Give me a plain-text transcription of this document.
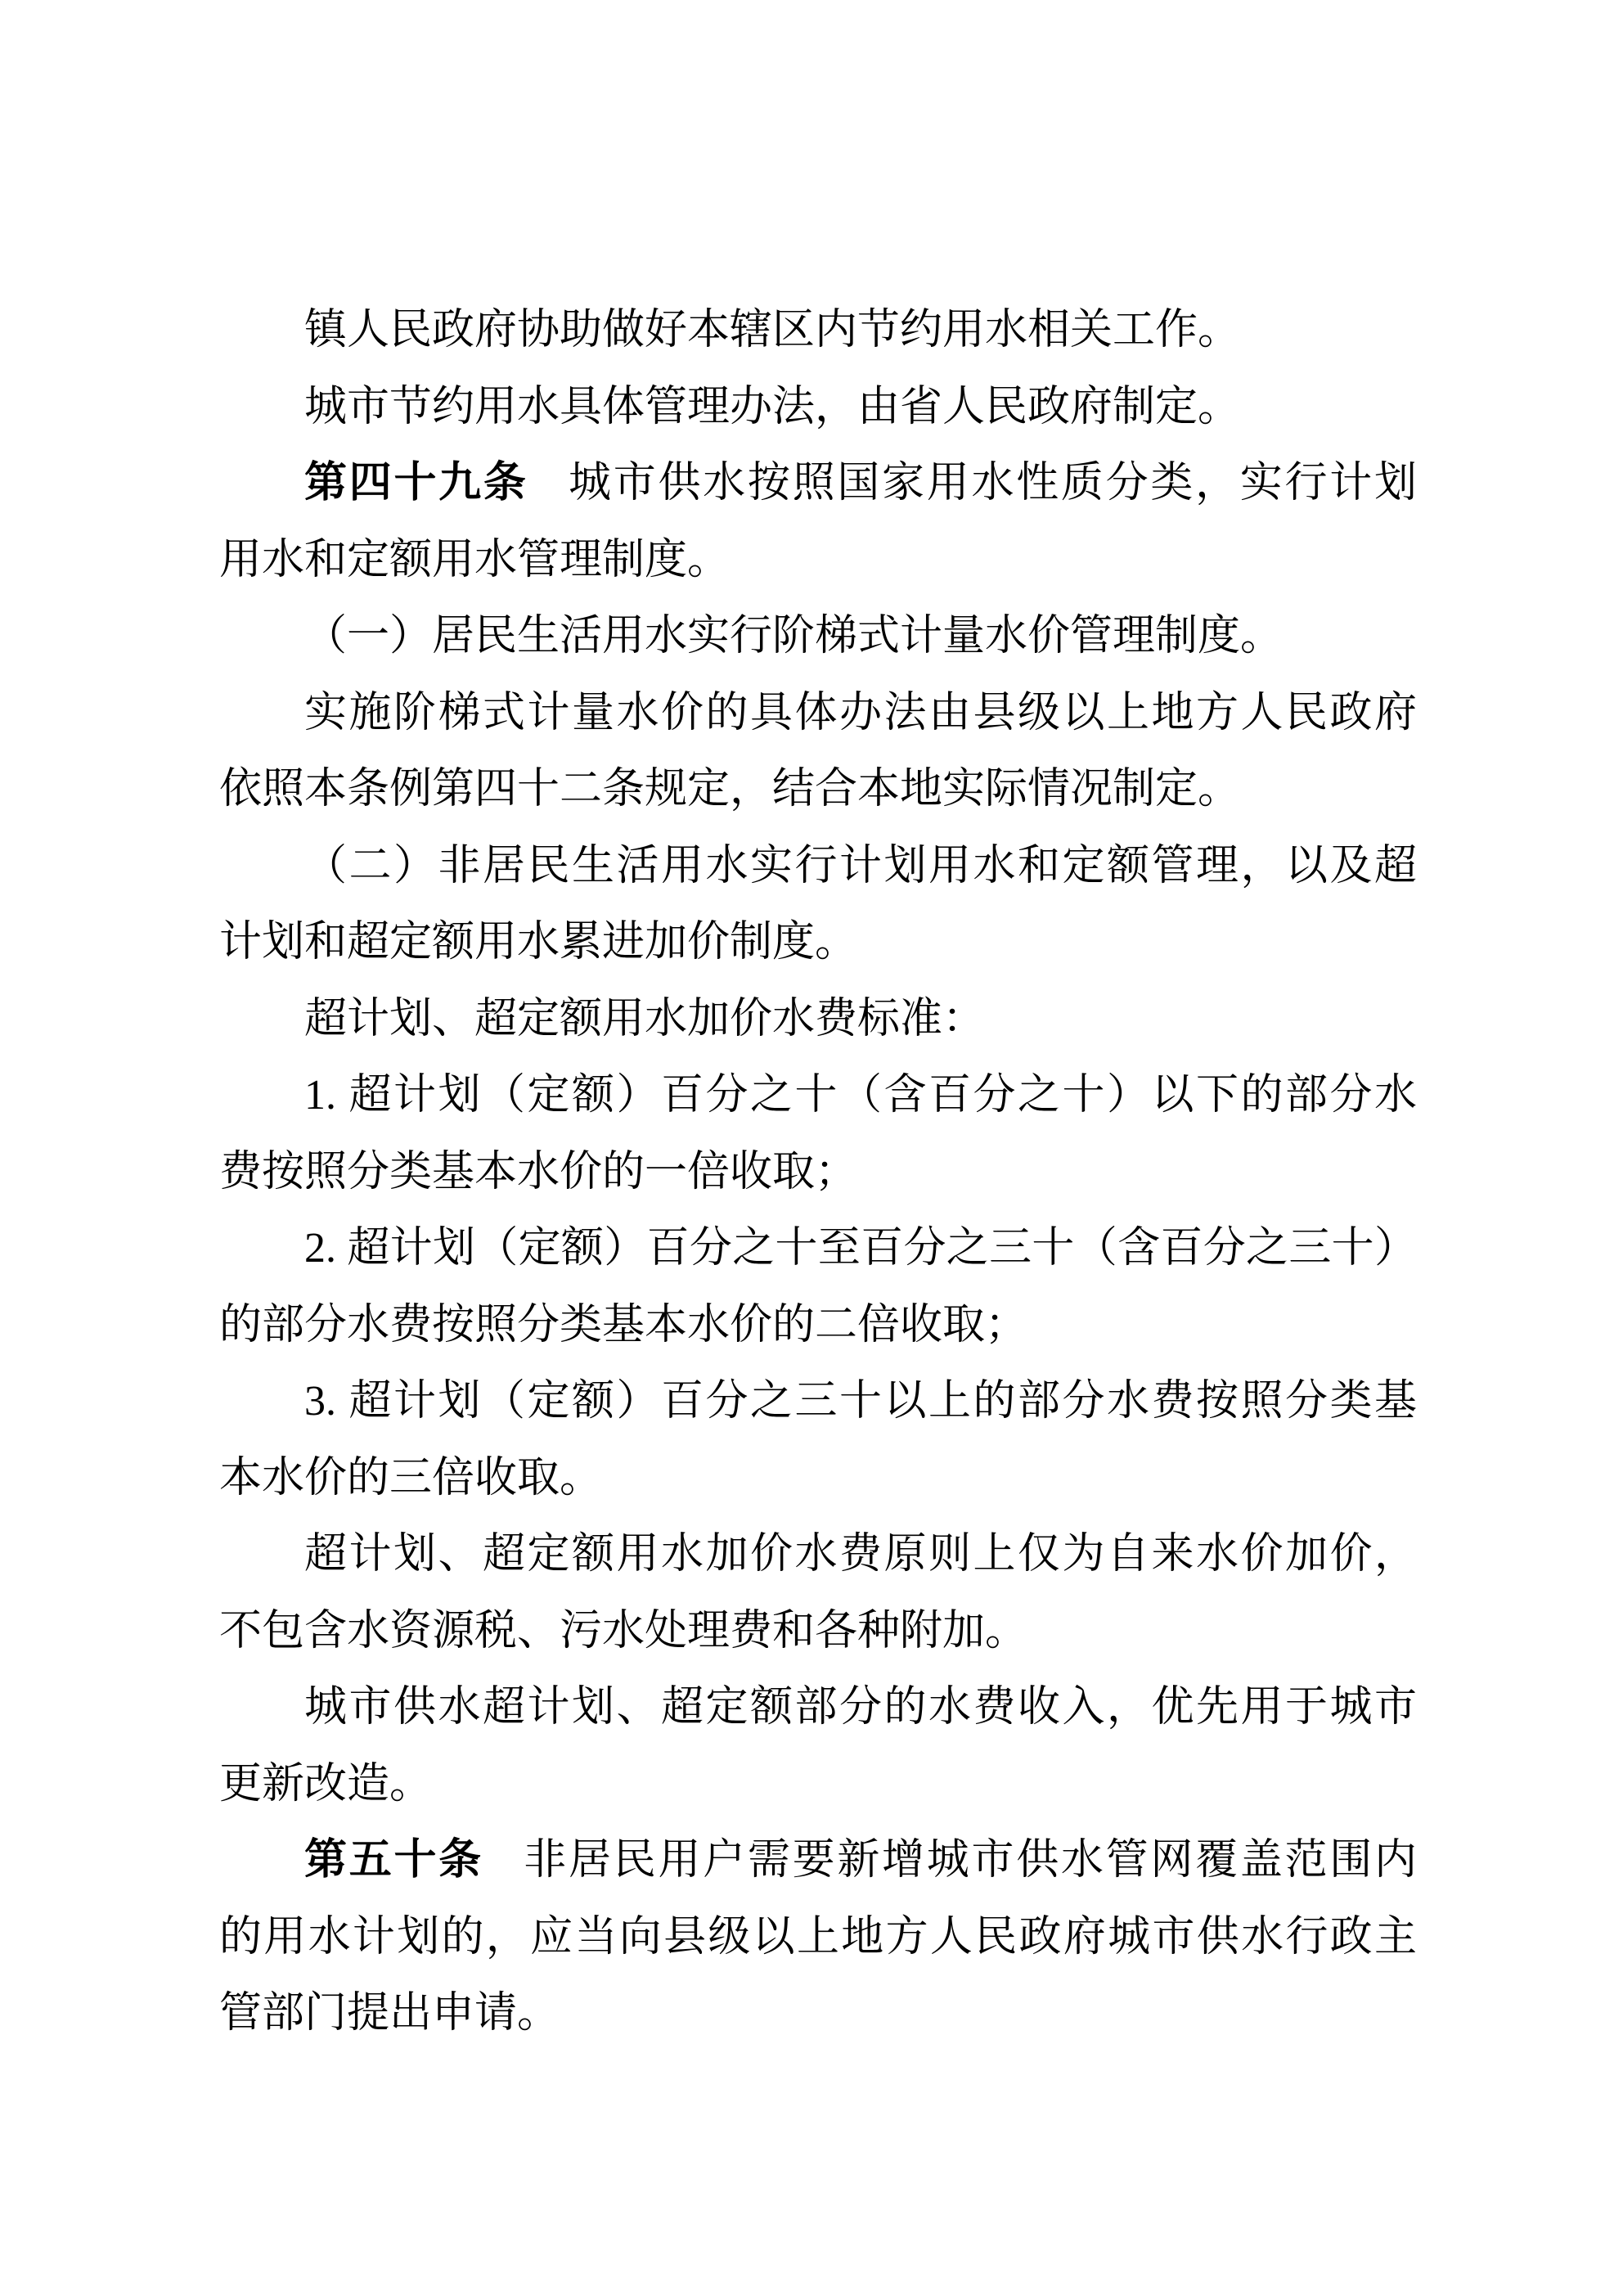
镇人民政府协助做好本辖区内节约用水相关工作。
城市节约用水具体管理办法，由省人民政府制定。
第四十九条 城市供水按照国家用水性质分类，实行计划
用水和定额用水管理制度。
（一）居民生活用水实行阶梯式计量水价管理制度。
实施阶梯式计量水价的具体办法由县级以上地方人民政府
依照本条例第四十二条规定，结合本地实际情况制定。
（二）非居民生活用水实行计划用水和定额管理，以及超
计划和超定额用水累进加价制度。
超计划、超定额用水加价水费标准：
1. 超计划（定额）百分之十（含百分之十）以下的部分水
费按照分类基本水价的一倍收取；
2. 超计划（定额）百分之十至百分之三十（含百分之三十）
的部分水费按照分类基本水价的二倍收取；
3. 超计划（定额）百分之三十以上的部分水费按照分类基
本水价的三倍收取。
超计划、超定额用水加价水费原则上仅为自来水价加价，
不包含水资源税、污水处理费和各种附加。
城市供水超计划、超定额部分的水费收入，优先用于城市
更新改造。
第五十条 非居民用户需要新增城市供水管网覆盖范围内
的用水计划的，应当向县级以上地方人民政府城市供水行政主
管部门提出申请。
